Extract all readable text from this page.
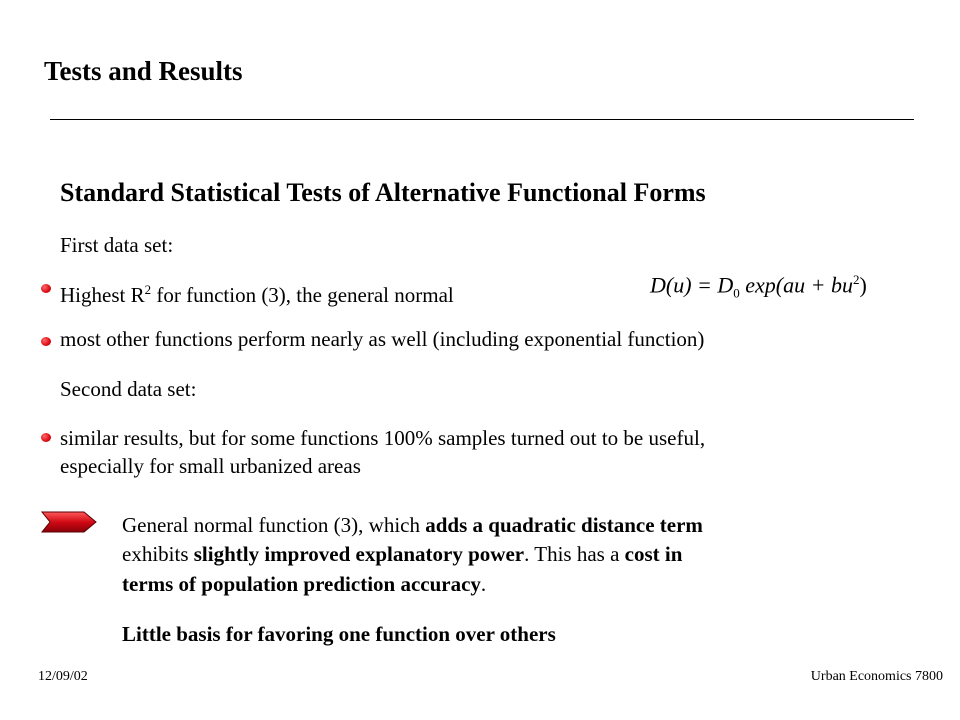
Tests and Results
Standard Statistical Tests of Alternative Functional Forms
First data set:
Highest $R^2$ for function (3), the general normal	$D(u) = D_0$ $\exp(au + bu^2)$
most other functions perform nearly as well (including exponential function)
Second data set:
similar results, but for some functions 100% samples turned out to be useful,
especially for small urbanized areas
General normal function (3), which adds a quadratic distance term
exhibits slightly improved explanatory power. This has a cost in
terms of population prediction accuracy.
Little basis for favoring one function over others
12/09/02	Urban Economics 7800
